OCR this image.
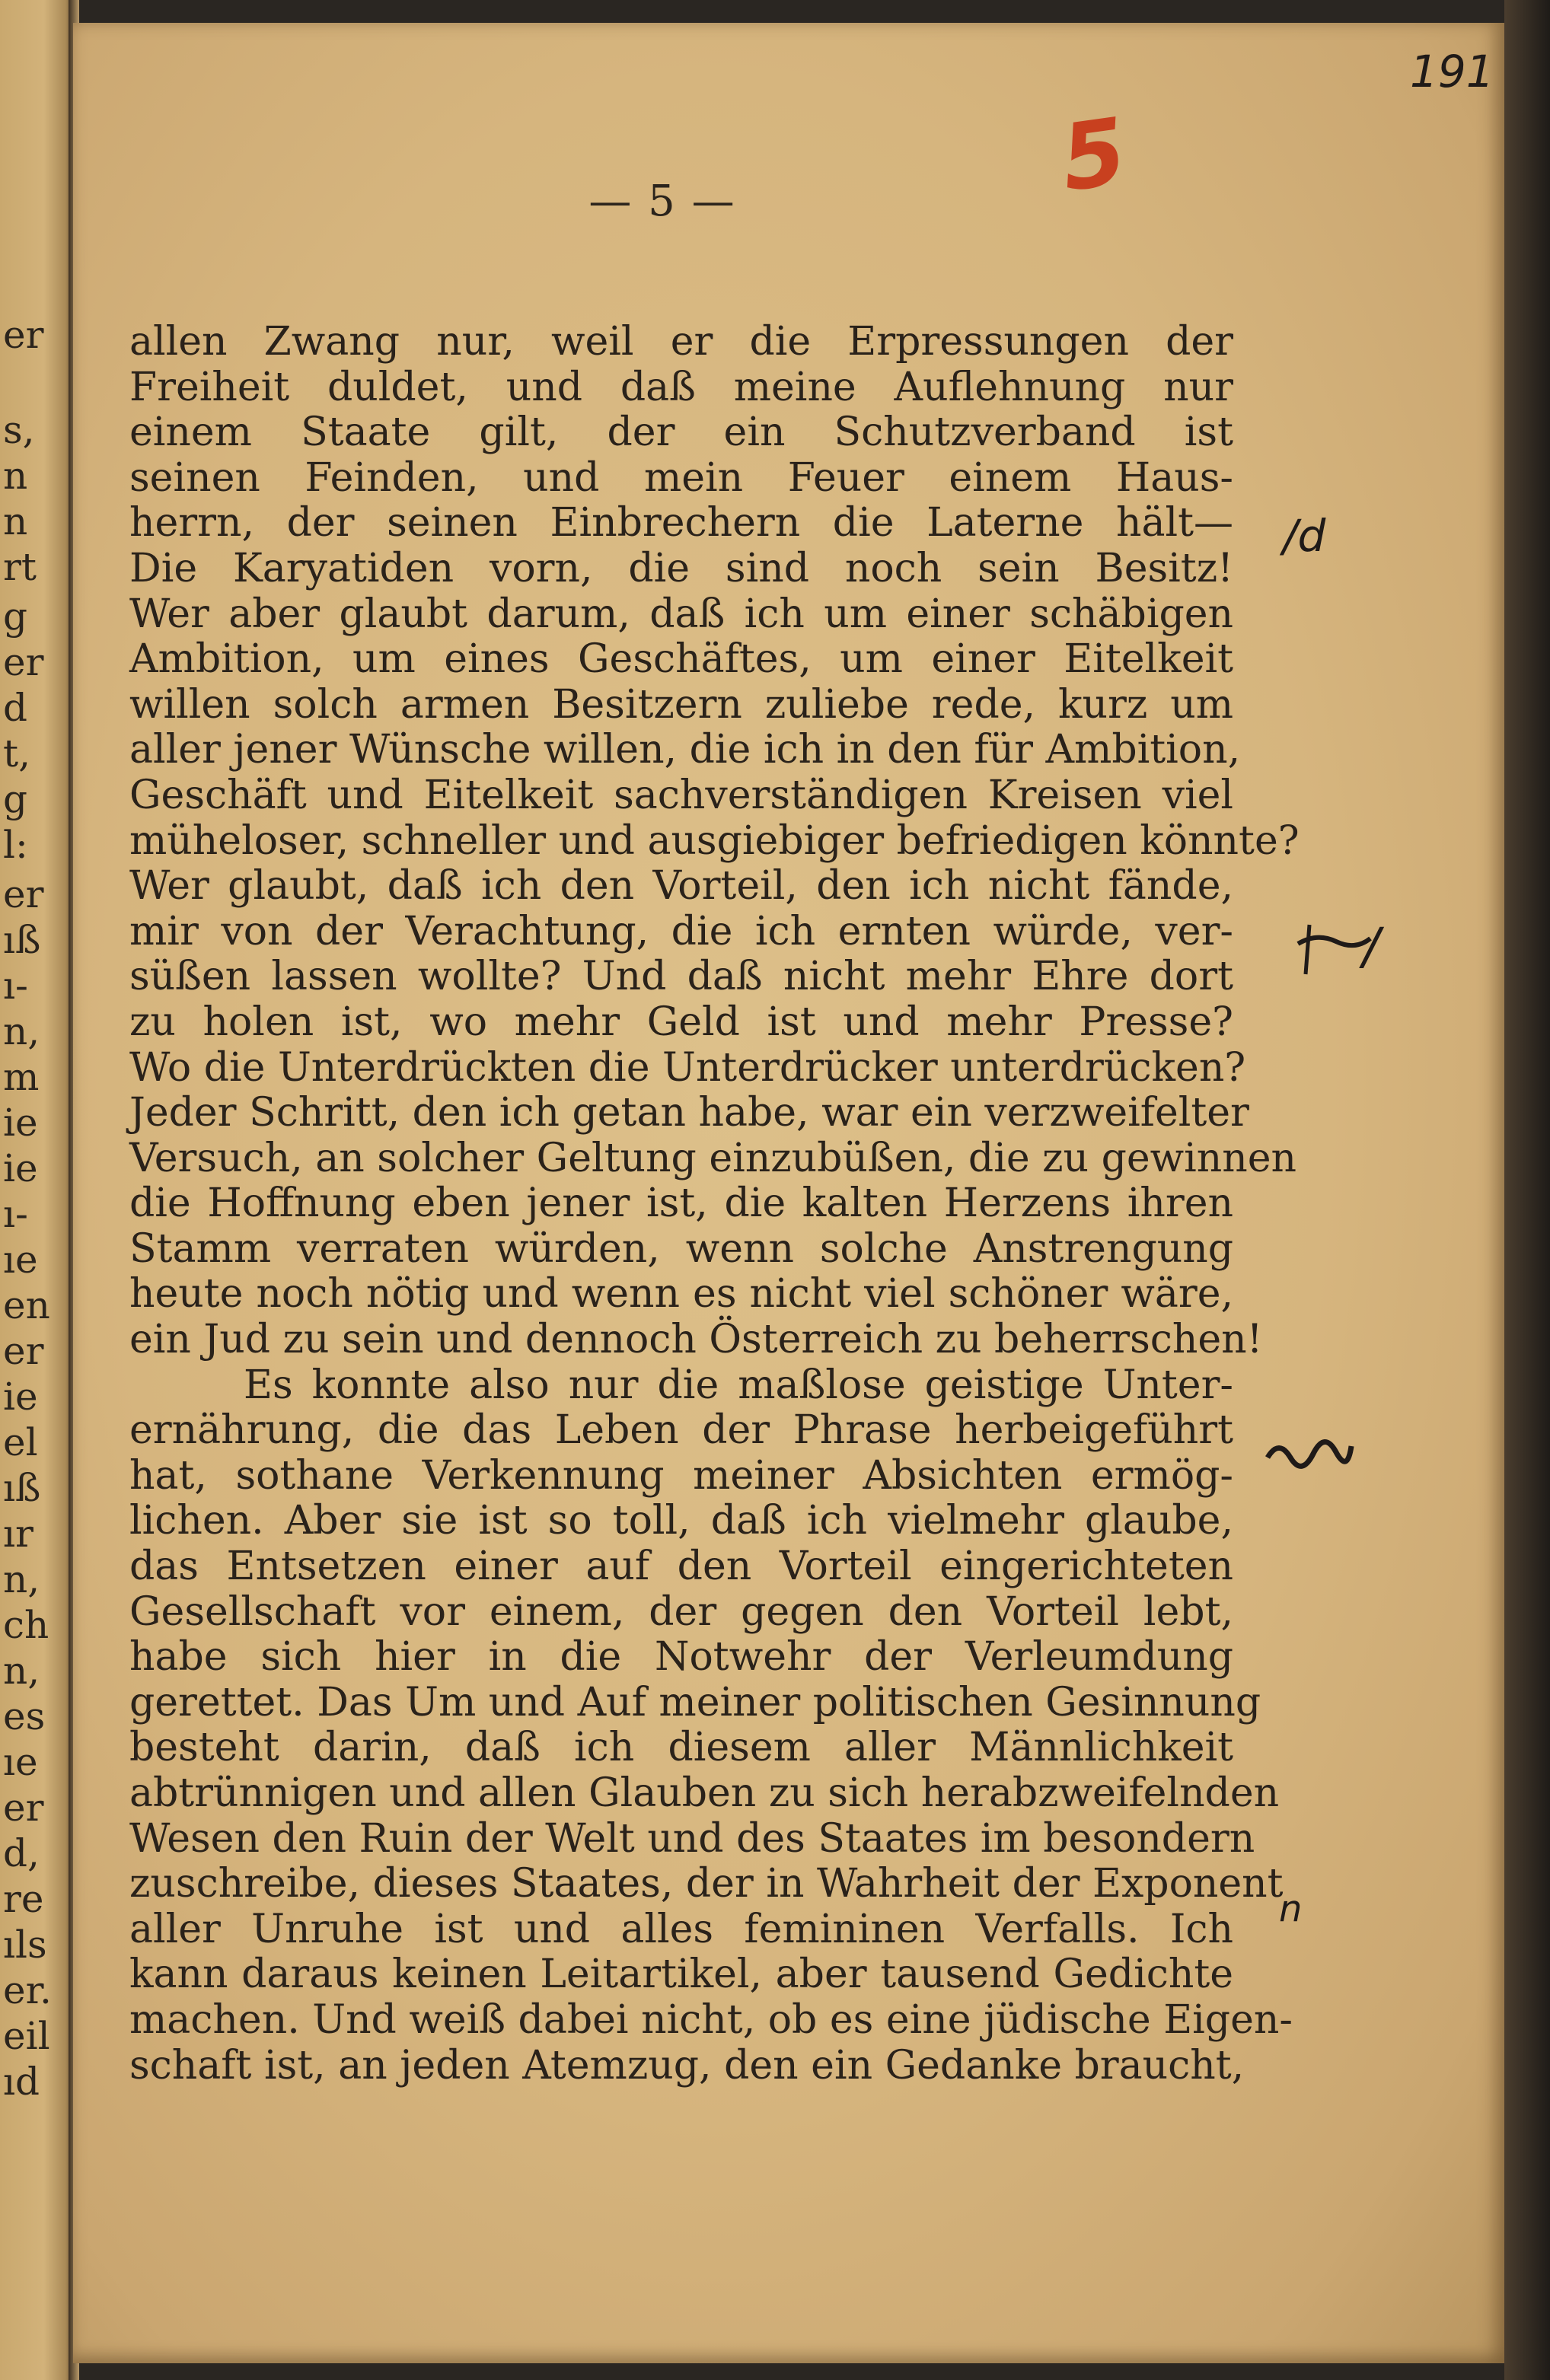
er
s,
n
n
rt
g
er
d
t,
g
l:
er
ıß
ı-
n,
m
ie
ie
ı-
ıe
en
er
ie
el
ıß
ır
n,
ch
n,
es
ıe
er
d,
re
ıls
er.
eil
ıd
191
5
— 5 —
allen Zwang nur, weil er die Erpressungen der
Freiheit duldet, und daß meine Auflehnung nur
einem Staate gilt, der ein Schutzverband ist
seinen Feinden, und mein Feuer einem Haus-
herrn, der seinen Einbrechern die Laterne hält—
Die Karyatiden vorn, die sind noch sein Besitz!
Wer aber glaubt darum, daß ich um einer schäbigen
Ambition, um eines Geschäftes, um einer Eitelkeit
willen solch armen Besitzern zuliebe rede, kurz um
aller jener Wünsche willen, die ich in den für Ambition,
Geschäft und Eitelkeit sachverständigen Kreisen viel
müheloser, schneller und ausgiebiger befriedigen könnte?
Wer glaubt, daß ich den Vorteil, den ich nicht fände,
mir von der Verachtung, die ich ernten würde, ver-
süßen lassen wollte? Und daß nicht mehr Ehre dort
zu holen ist, wo mehr Geld ist und mehr Presse?
Wo die Unterdrückten die Unterdrücker unterdrücken?
Jeder Schritt, den ich getan habe, war ein verzweifelter
Versuch, an solcher Geltung einzubüßen, die zu gewinnen
die Hoffnung eben jener ist, die kalten Herzens ihren
Stamm verraten würden, wenn solche Anstrengung
heute noch nötig und wenn es nicht viel schöner wäre,
ein Jud zu sein und dennoch Österreich zu beherrschen!
Es konnte also nur die maßlose geistige Unter-
ernährung, die das Leben der Phrase herbeigeführt
hat, sothane Verkennung meiner Absichten ermög-
lichen. Aber sie ist so toll, daß ich vielmehr glaube,
das Entsetzen einer auf den Vorteil eingerichteten
Gesellschaft vor einem, der gegen den Vorteil lebt,
habe sich hier in die Notwehr der Verleumdung
gerettet. Das Um und Auf meiner politischen Gesinnung
besteht darin, daß ich diesem aller Männlichkeit
abtrünnigen und allen Glauben zu sich herabzweifelnden
Wesen den Ruin der Welt und des Staates im besondern
zuschreibe, dieses Staates, der in Wahrheit der Exponent
aller Unruhe ist und alles femininen Verfalls. Ich
kann daraus keinen Leitartikel, aber tausend Gedichte
machen. Und weiß dabei nicht, ob es eine jüdische Eigen-
schaft ist, an jeden Atemzug, den ein Gedanke braucht,
/d
/
n
